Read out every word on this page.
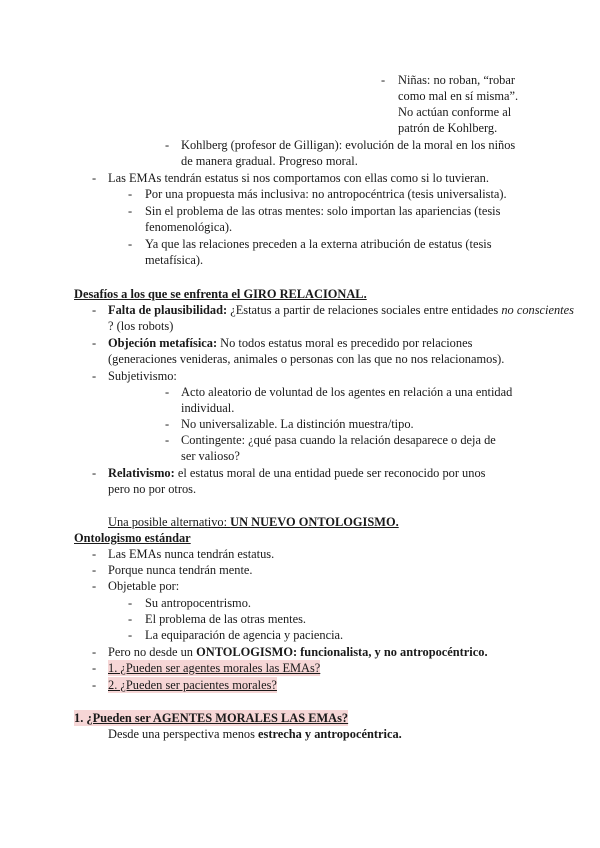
-	Niñas: no roban, “robar
como mal en sí misma”.
No actúan conforme al
patrón de Kohlberg.
- Kohlberg (profesor de Gilligan): evolución de la moral en los niños
de manera gradual. Progreso moral.
- Las EMAs tendrán estatus si nos comportamos con ellas como si lo tuvieran.
-	Por una propuesta más inclusiva: no antropocéntrica (tesis universalista).
-	Sin el problema de las otras mentes: solo importan las apariencias (tesis
fenomenológica).
-	Ya que las relaciones preceden a la externa atribución de estatus (tesis
metafísica).
Desafíos a los que se enfrenta el GIRO RELACIONAL.
- Falta de plausibilidad: ¿Estatus a partir de relaciones sociales entre entidades no conscientes
? (los robots)
- Objeción metafísica: No todos estatus moral es precedido por relaciones
(generaciones venideras, animales o personas con las que no nos relacionamos).
- Subjetivismo:
- Acto aleatorio de voluntad de los agentes en relación a una entidad
individual.
- No universalizable. La distinción muestra/tipo.
- Contingente: ¿qué pasa cuando la relación desaparece o deja de
ser valioso?
- Relativismo: el estatus moral de una entidad puede ser reconocido por unos
pero no por otros.
Una posible alternativo: UN NUEVO ONTOLOGISMO.
Ontologismo estándar
- Las EMAs nunca tendrán estatus.
- Porque nunca tendrán mente.
- Objetable por:
-	Su antropocentrismo.
-	El problema de las otras mentes.
-	La equiparación de agencia y paciencia.
- Pero no desde un ONTOLOGISMO: funcionalista, y no antropocéntrico.
- 1. ¿Pueden ser agentes morales las EMAs?
- 2. ¿Pueden ser pacientes morales?
1. ¿Pueden ser AGENTES MORALES LAS EMAs?
Desde una perspectiva menos estrecha y antropocéntrica.
